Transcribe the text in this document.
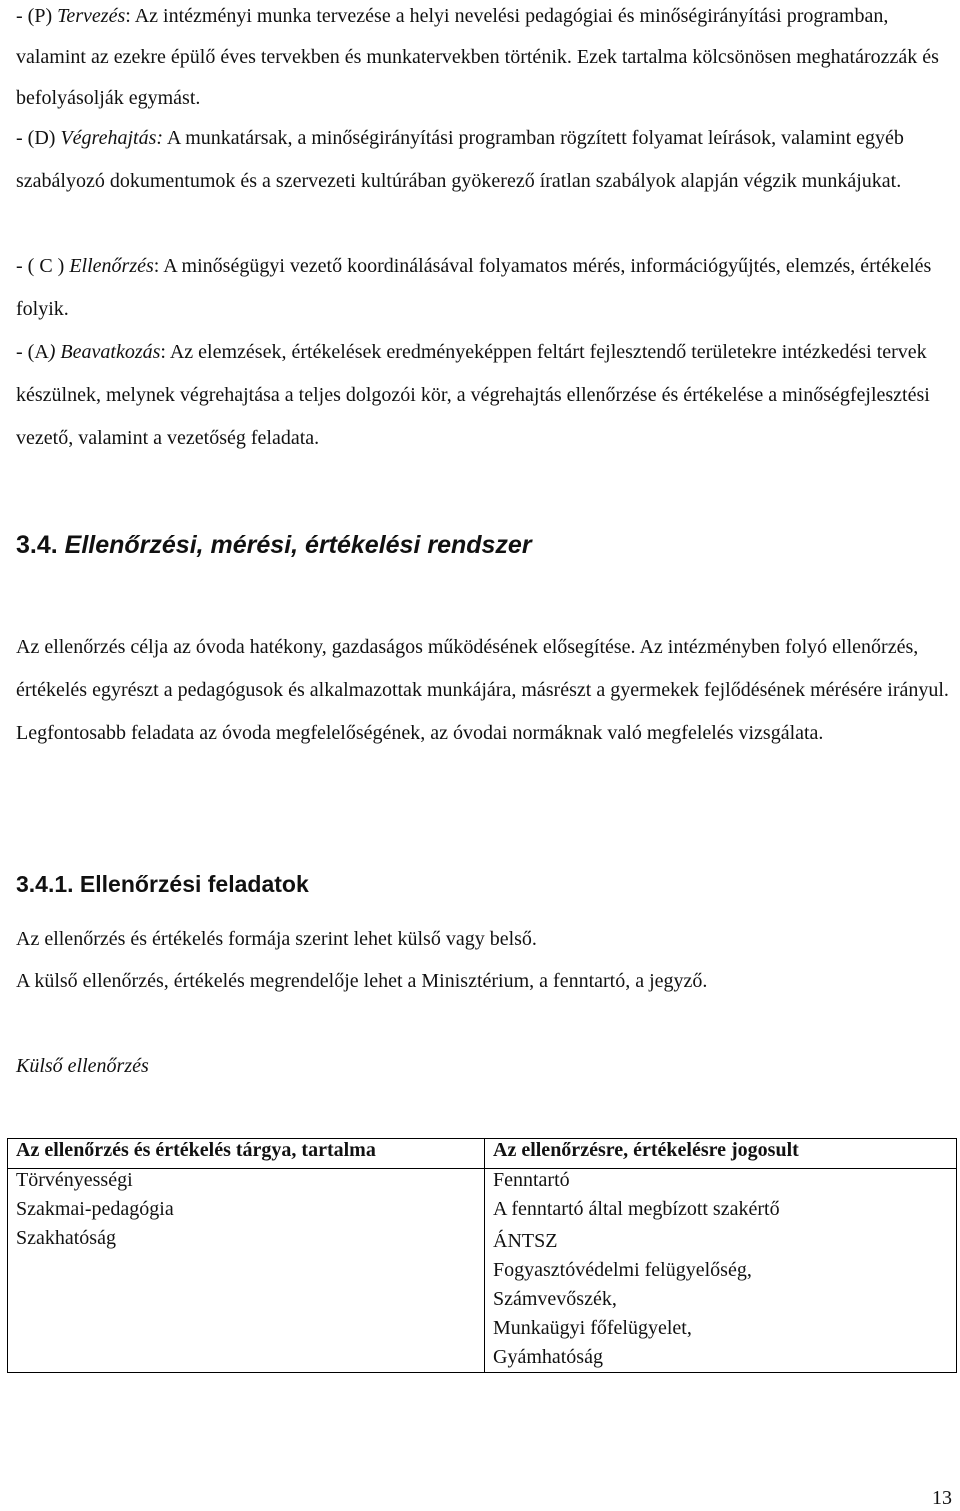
- (P) Tervezés: Az intézményi munka tervezése a helyi nevelési pedagógiai és minőségirányítási programban, valamint az ezekre épülő éves tervekben és munkatervekben történik. Ezek tartalma kölcsönösen meghatározzák és befolyásolják egymást.

- (D) Végrehajtás: A munkatársak, a minőségirányítási programban rögzített folyamat leírások, valamint egyéb szabályozó dokumentumok és a szervezeti kultúrában gyökerező íratlan szabályok alapján végzik munkájukat.

- ( C ) Ellenőrzés: A minőségügyi vezető koordinálásával folyamatos mérés, információgyűjtés, elemzés, értékelés folyik.

- (A) Beavatkozás: Az elemzések, értékelések eredményeképpen feltárt fejlesztendő területekre intézkedési tervek készülnek, melynek végrehajtása a teljes dolgozói kör, a végrehajtás ellenőrzése és értékelése a minőségfejlesztési vezető, valamint a vezetőség feladata.

3.4. Ellenőrzési, mérési, értékelési rendszer

Az ellenőrzés célja az óvoda hatékony, gazdaságos működésének elősegítése. Az intézményben folyó ellenőrzés, értékelés egyrészt a pedagógusok és alkalmazottak munkájára, másrészt a gyermekek fejlődésének mérésére irányul. Legfontosabb feladata az óvoda megfelelőségének, az óvodai normáknak való megfelelés vizsgálata.

3.4.1. Ellenőrzési feladatok

Az ellenőrzés és értékelés formája szerint lehet külső vagy belső.

A külső ellenőrzés, értékelés megrendelője lehet a Minisztérium, a fenntartó, a jegyző.

Külső ellenőrzés

Az ellenőrzés és értékelés tárgya, tartalma	Az ellenőrzésre, értékelésre jogosult
Törvényességi	Fenntartó
Szakmai-pedagógia	A fenntartó által megbízott szakértő
Szakhatóság	ÁNTSZ
Fogyasztóvédelmi felügyelőség,
Számvevőszék,
Munkaügyi főfelügyelet,
Gyámhatóság
13
